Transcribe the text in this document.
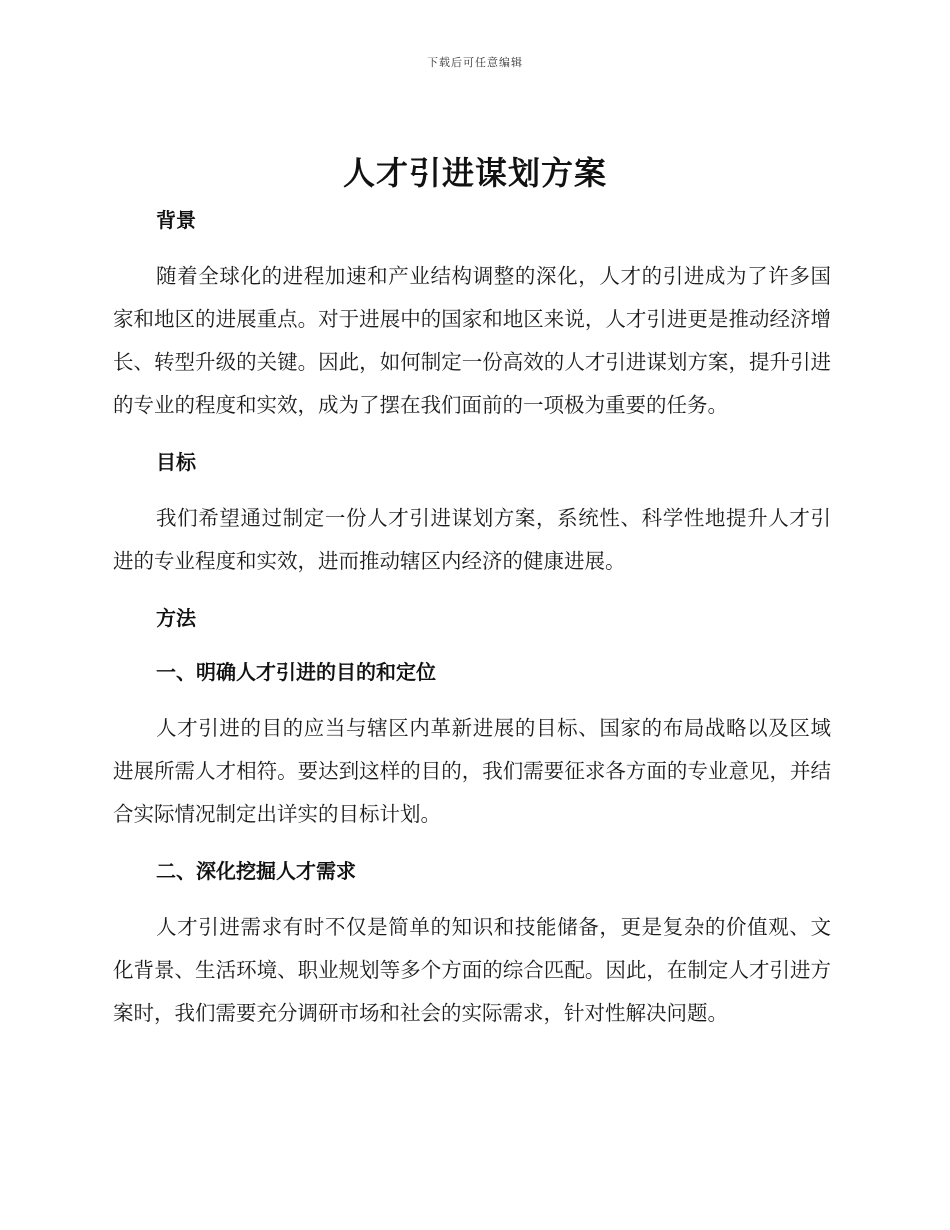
下载后可任意编辑
人才引进谋划方案

背景

随着全球化的进程加速和产业结构调整的深化，人才的引进成为了许多国家和地区的进展重点。对于进展中的国家和地区来说，人才引进更是推动经济增长、转型升级的关键。因此，如何制定一份高效的人才引进谋划方案，提升引进的专业的程度和实效，成为了摆在我们面前的一项极为重要的任务。

目标

我们希望通过制定一份人才引进谋划方案，系统性、科学性地提升人才引进的专业程度和实效，进而推动辖区内经济的健康进展。

方法

一、明确人才引进的目的和定位

人才引进的目的应当与辖区内革新进展的目标、国家的布局战略以及区域进展所需人才相符。要达到这样的目的，我们需要征求各方面的专业意见，并结合实际情况制定出详实的目标计划。

二、深化挖掘人才需求

人才引进需求有时不仅是简单的知识和技能储备，更是复杂的价值观、文化背景、生活环境、职业规划等多个方面的综合匹配。因此，在制定人才引进方案时，我们需要充分调研市场和社会的实际需求，针对性解决问题。
